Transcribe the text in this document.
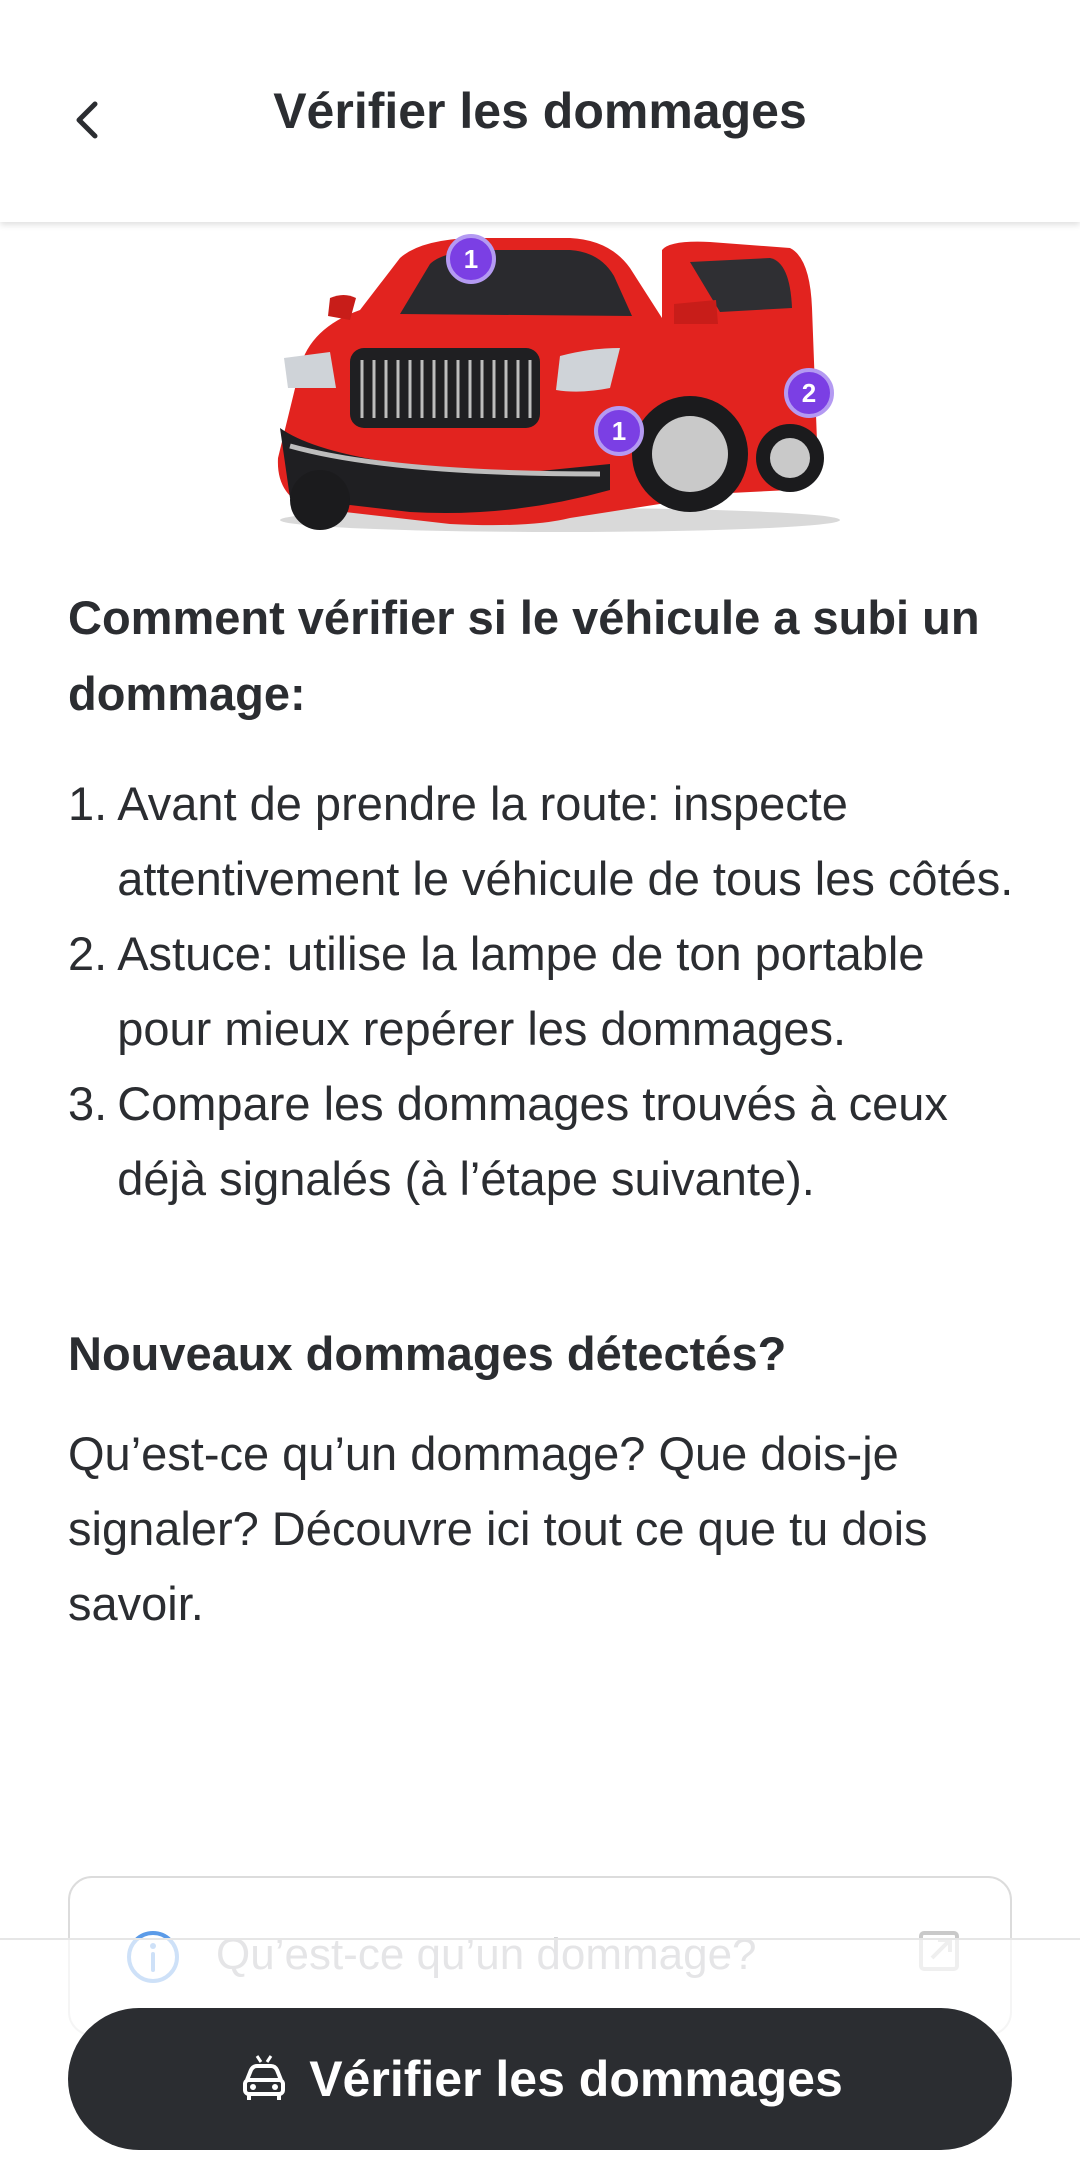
Vérifier les dommages
1
1
2
Comment vérifier si le véhicule a subi un dommage:
1. Avant de prendre la route: inspecte attentivement le véhicule de tous les côtés.
2. Astuce: utilise la lampe de ton portable pour mieux repérer les dommages.
3. Compare les dommages trouvés à ceux déjà signalés (à l’étape suivante).
Nouveaux dommages détectés?

Qu’est-ce qu’un dommage? Que dois-je signaler? Découvre ici tout ce que tu dois savoir.

Vérifier les dommages
